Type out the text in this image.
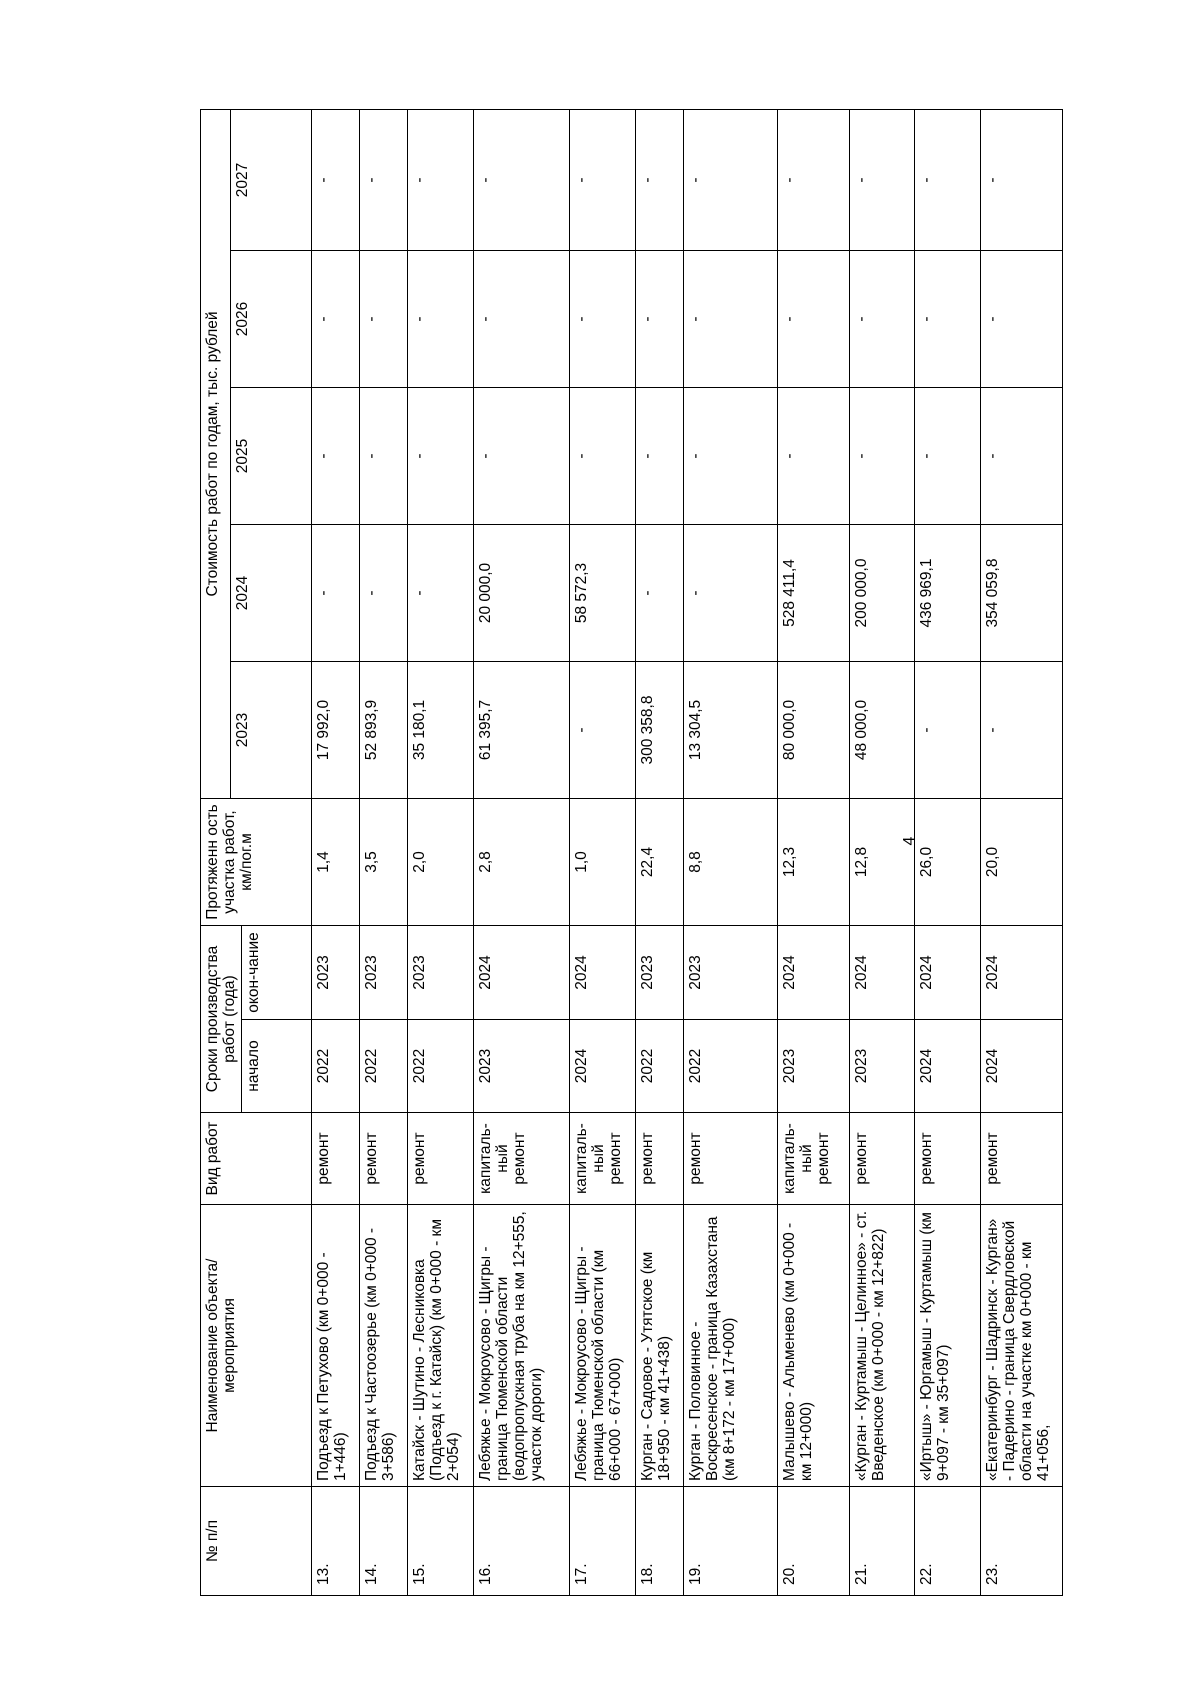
4
№ п/п	Наименование объекта/ мероприятия	Вид работ	Сроки производства работ (года)		Протяженн ость участка работ, км/пог.м	Стоимость работ по годам, тыс. рублей				
						2023	2024	2025	2026	2027
			начало	окон-чание						
13.	Подъезд к Петухово (км 0+000 - 1+446)	ремонт	2022	2023	1,4	17 992,0	-	-	-	-
14.	Подъезд к Частоозерье (км 0+000 - 3+586)	ремонт	2022	2023	3,5	52 893,9	-	-	-	-
15.	Катайск - Шутино - Лесниковка (Подъезд к г. Катайск) (км 0+000 - км 2+054)	ремонт	2022	2023	2,0	35 180,1	-	-	-	-
16.	Лебяжье - Мокроусово - Щигры - граница Тюменской области (водопропускная труба на км 12+555, участок дороги)	капиталь-ный ремонт	2023	2024	2,8	61 395,7	20 000,0	-	-	-
17.	Лебяжье - Мокроусово - Щигры - граница Тюменской области (км 66+000 - 67+000)	капиталь-ный ремонт	2024	2024	1,0	-	58 572,3	-	-	-
18.	Курган - Садовое - Утятское (км 18+950 - км 41+438)	ремонт	2022	2023	22,4	300 358,8	-	-	-	-
19.	Курган - Половинное - Воскресенское - граница Казахстана (км 8+172 - км 17+000)	ремонт	2022	2023	8,8	13 304,5	-	-	-	-
20.	Малышево - Альменево (км 0+000 - км 12+000)	капиталь-ный ремонт	2023	2024	12,3	80 000,0	528 411,4	-	-	-
21.	«Курган - Куртамыш - Целинное» - ст. Введенское (км 0+000 - км 12+822)	ремонт	2023	2024	12,8	48 000,0	200 000,0	-	-	-
22.	«Иртыш» - Юргамыш - Куртамыш (км 9+097 - км 35+097)	ремонт	2024	2024	26,0	-	436 969,1	-	-	-
23.	«Екатеринбург - Шадринск - Курган» - Падерино - граница Свердловской области на участке км 0+000 - км 41+056,	ремонт	2024	2024	20,0	-	354 059,8	-	-	-
